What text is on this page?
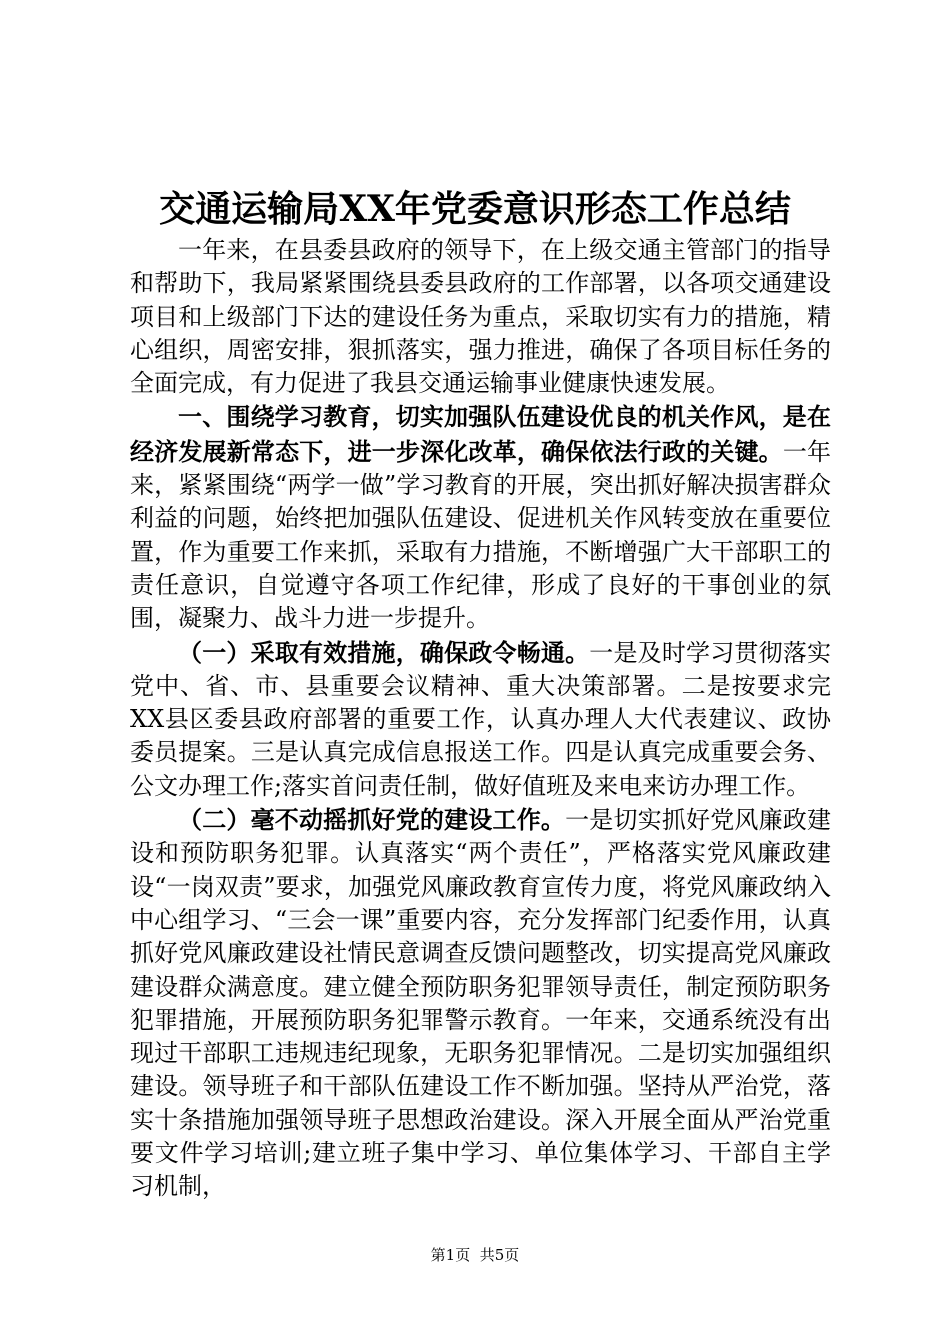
交通运输局XX年党委意识形态工作总结

一年来，在县委县政府的领导下，在上级交通主管部门的指导和帮助下，我局紧紧围绕县委县政府的工作部署，以各项交通建设项目和上级部门下达的建设任务为重点，采取切实有力的措施，精心组织，周密安排，狠抓落实，强力推进，确保了各项目标任务的全面完成，有力促进了我县交通运输事业健康快速发展。

一、围绕学习教育，切实加强队伍建设优良的机关作风，是在经济发展新常态下，进一步深化改革，确保依法行政的关键。一年来，紧紧围绕“两学一做”学习教育的开展，突出抓好解决损害群众利益的问题，始终把加强队伍建设、促进机关作风转变放在重要位置，作为重要工作来抓，采取有力措施，不断增强广大干部职工的责任意识，自觉遵守各项工作纪律，形成了良好的干事创业的氛围，凝聚力、战斗力进一步提升。

（一）采取有效措施，确保政令畅通。一是及时学习贯彻落实党中、省、市、县重要会议精神、重大决策部署。二是按要求完XX县区委县政府部署的重要工作，认真办理人大代表建议、政协委员提案。三是认真完成信息报送工作。四是认真完成重要会务、公文办理工作;落实首问责任制，做好值班及来电来访办理工作。

（二）毫不动摇抓好党的建设工作。一是切实抓好党风廉政建设和预防职务犯罪。认真落实“两个责任”，严格落实党风廉政建设“一岗双责”要求，加强党风廉政教育宣传力度，将党风廉政纳入中心组学习、“三会一课”重要内容，充分发挥部门纪委作用，认真抓好党风廉政建设社情民意调查反馈问题整改，切实提高党风廉政建设群众满意度。建立健全预防职务犯罪领导责任，制定预防职务犯罪措施，开展预防职务犯罪警示教育。一年来，交通系统没有出现过干部职工违规违纪现象，无职务犯罪情况。二是切实加强组织建设。领导班子和干部队伍建设工作不断加强。坚持从严治党，落实十条措施加强领导班子思想政治建设。深入开展全面从严治党重要文件学习培训;建立班子集中学习、单位集体学习、干部自主学习机制，

第1页 共5页
